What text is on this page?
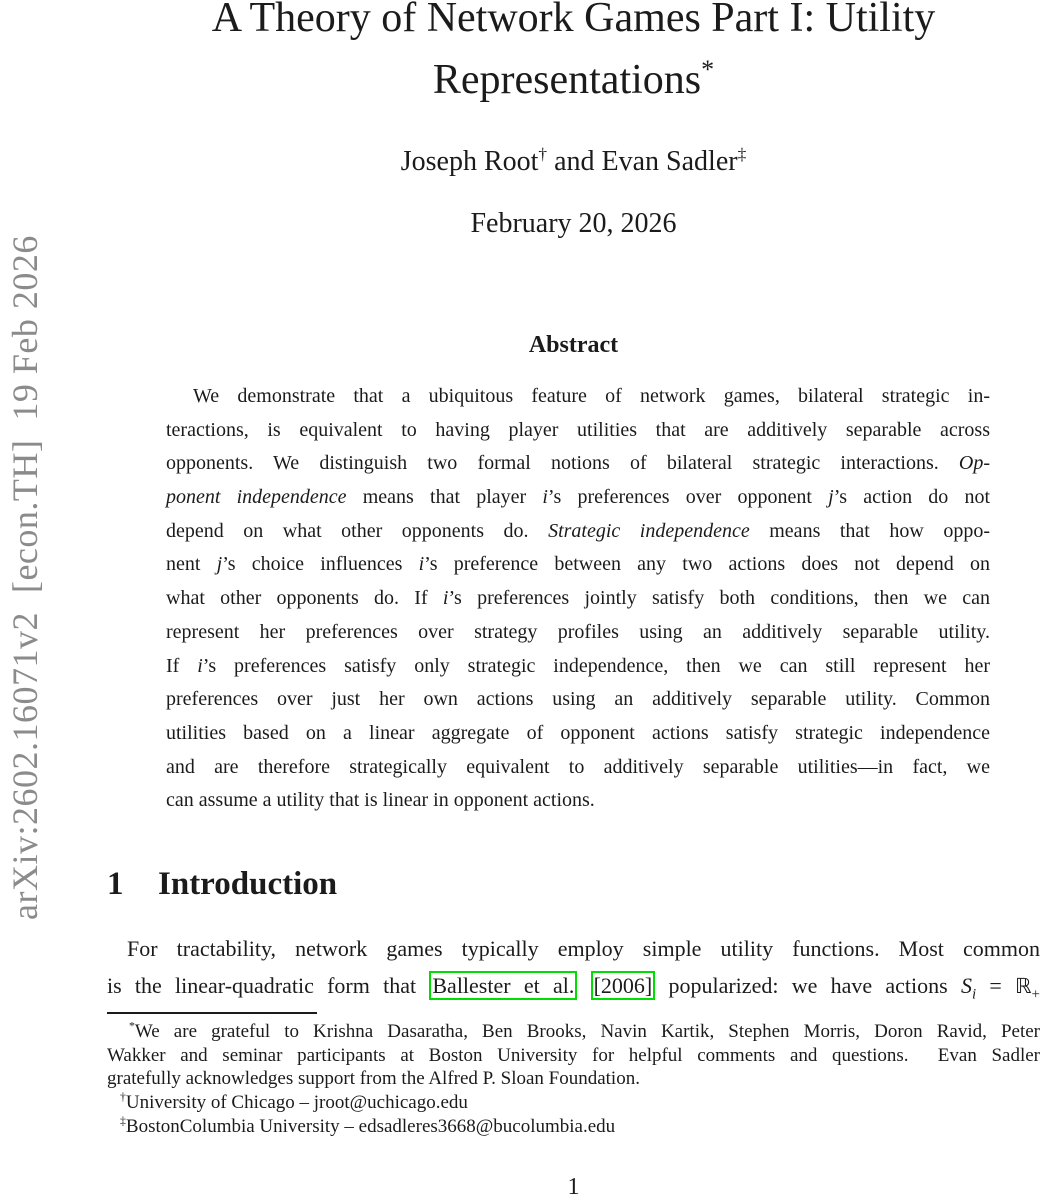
arXiv:2602.16071v2  [econ.TH]  19 Feb 2026
A Theory of Network Games Part I: Utility
Representations*
Joseph Root† and Evan Sadler‡
February 20, 2026
Abstract
We demonstrate that a ubiquitous feature of network games, bilateral strategic in-
teractions, is equivalent to having player utilities that are additively separable across
opponents. We distinguish two formal notions of bilateral strategic interactions. Op-
ponent independence means that player i’s preferences over opponent j’s action do not
depend on what other opponents do. Strategic independence means that how oppo-
nent j’s choice influences i’s preference between any two actions does not depend on
what other opponents do. If i’s preferences jointly satisfy both conditions, then we can
represent her preferences over strategy profiles using an additively separable utility.
If i’s preferences satisfy only strategic independence, then we can still represent her
preferences over just her own actions using an additively separable utility. Common
utilities based on a linear aggregate of opponent actions satisfy strategic independence
and are therefore strategically equivalent to additively separable utilities—in fact, we
can assume a utility that is linear in opponent actions.
1 Introduction
For tractability, network games typically employ simple utility functions. Most common
is the linear-quadratic form that Ballester et al. [2006] popularized: we have actions $S_i$ = ℝ$_+$
*We are grateful to Krishna Dasaratha, Ben Brooks, Navin Kartik, Stephen Morris, Doron Ravid, Peter
Wakker and seminar participants at Boston University for helpful comments and questions.  Evan Sadler
gratefully acknowledges support from the Alfred P. Sloan Foundation.
†University of Chicago – jroot@uchicago.edu
‡BostonColumbia University – edsadleres3668@bucolumbia.edu
1
